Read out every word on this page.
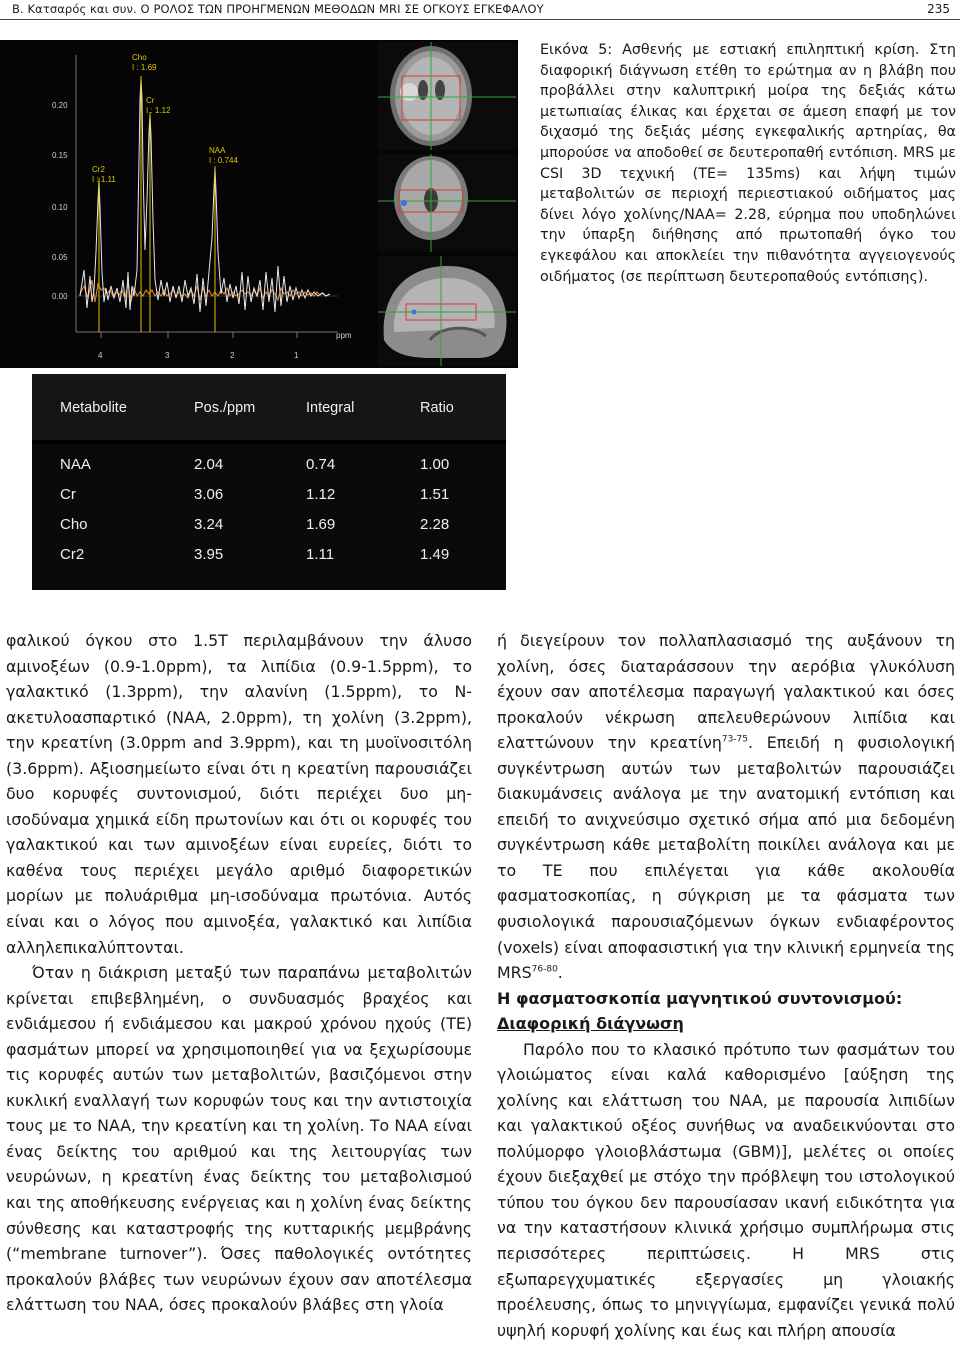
Β. Κατσαρός και συν. Ο ΡΟΛΟΣ ΤΩΝ ΠΡΟΗΓΜΕΝΩΝ ΜΕΘΟΔΩΝ MRI ΣΕ ΟΓΚΟΥΣ ΕΓΚΕΦΑΛΟΥ	235
0.20
0.15
0.10
0.05
0.00
4	3	2	1
ppm
Cho
I : 1.69
Cr
I : 1.12
NAA
I : 0.744
Cr2
I : 1.11
Metabolite	Pos./ppm	Integral	Ratio
NAA	2.04	0.74	1.00
Cr	3.06	1.12	1.51
Cho	3.24	1.69	2.28
Cr2	3.95	1.11	1.49
Εικόνα 5: Ασθενής με εστιακή επιληπτική κρίση. Στη διαφορική διάγνωση ετέθη το ερώτημα αν η βλάβη που προβάλλει στην καλυπτρική μοίρα της δεξιάς κάτω μετωπιαίας έλικας και έρχεται σε άμεση επαφή με τον διχασμό της δεξιάς μέσης εγκεφαλικής αρτηρίας, θα μπορούσε να αποδοθεί σε δευτεροπαθή εντόπιση. MRS με CSI 3D τεχνική (TE= 135ms) και λήψη τιμών μεταβολιτών σε περιοχή περιεστιακού οιδήματος μας δίνει λόγο χολίνης/NAA= 2.28, εύρημα που υποδηλώνει την ύπαρξη διήθησης από πρωτοπαθή όγκο του εγκεφάλου και αποκλείει την πιθανότητα αγγειογενούς οιδήματος (σε περίπτωση δευτεροπαθούς εντόπισης).

φαλικού όγκου στο 1.5T περιλαμβάνουν την άλυσο αμινοξέων (0.9-1.0ppm), τα λιπίδια (0.9-1.5ppm), το γαλακτικό (1.3ppm), την αλανίνη (1.5ppm), το N-ακετυλοασπαρτικό (NAA, 2.0ppm), τη χολίνη (3.2ppm), την κρεατίνη (3.0ppm and 3.9ppm), και τη μυοϊνοσιτόλη (3.6ppm). Αξιοσημείωτο είναι ότι η κρεατίνη παρουσιάζει δυο κορυφές συντονισμού, διότι περιέχει δυο μη-ισοδύναμα χημικά είδη πρωτονίων και ότι οι κορυφές του γαλακτικού και των αμινοξέων είναι ευρείες, διότι το καθένα τους περιέχει μεγάλο αριθμό διαφορετικών μορίων με πολυάριθμα μη-ισοδύναμα πρωτόνια. Αυτός είναι και ο λόγος που αμινοξέα, γαλακτικό και λιπίδια αλληλεπικαλύπτονται.

Όταν η διάκριση μεταξύ των παραπάνω μεταβολιτών κρίνεται επιβεβλημένη, ο συνδυασμός βραχέος και ενδιάμεσου ή ενδιάμεσου και μακρού χρόνου ηχούς (TE) φασμάτων μπορεί να χρησιμοποιηθεί για να ξεχωρίσουμε τις κορυφές αυτών των μεταβολιτών, βασιζόμενοι στην κυκλική εναλλαγή των κορυφών τους και την αντιστοιχία τους με το NAA, την κρεατίνη και τη χολίνη. Το NAA είναι ένας δείκτης του αριθμού και της λειτουργίας των νευρώνων, η κρεατίνη ένας δείκτης του μεταβολισμού και της αποθήκευσης ενέργειας και η χολίνη ένας δείκτης σύνθεσης και καταστροφής της κυτταρικής μεμβράνης (“membrane turnover”). Όσες παθολογικές οντότητες προκαλούν βλάβες των νευρώνων έχουν σαν αποτέλεσμα ελάττωση του NAA, όσες προκαλούν βλάβες στη γλοία

ή διεγείρουν τον πολλαπλασιασμό της αυξάνουν τη χολίνη, όσες διαταράσσουν την αερόβια γλυκόλυση έχουν σαν αποτέλεσμα παραγωγή γαλακτικού και όσες προκαλούν νέκρωση απελευθερώνουν λιπίδια και ελαττώνουν την κρεατίνη$^{73-75}$. Επειδή η φυσιολογική συγκέντρωση αυτών των μεταβολιτών παρουσιάζει διακυμάνσεις ανάλογα με την ανατομική εντόπιση και επειδή το ανιχνεύσιμο σχετικό σήμα από μια δεδομένη συγκέντρωση κάθε μεταβολίτη ποικίλει ανάλογα και με το TE που επιλέγεται για κάθε ακολουθία φασματοσκοπίας, η σύγκριση με τα φάσματα των φυσιολογικά παρουσιαζόμενων όγκων ενδιαφέροντος (voxels) είναι αποφασιστική για την κλινική ερμηνεία της MRS$^{76-80}$.

Η φασματοσκοπία μαγνητικού συντονισμού:
Διαφορική διάγνωση

Παρόλο που το κλασικό πρότυπο των φασμάτων του γλοιώματος είναι καλά καθορισμένο [αύξηση της χολίνης και ελάττωση του NAA, με παρουσία λιπιδίων και γαλακτικού οξέος συνήθως να αναδεικνύονται στο πολύμορφο γλοιοβλάστωμα (GBM)], μελέτες οι οποίες έχουν διεξαχθεί με στόχο την πρόβλεψη του ιστολογικού τύπου του όγκου δεν παρουσίασαν ικανή ειδικότητα για να την καταστήσουν κλινικά χρήσιμο συμπλήρωμα στις περισσότερες περιπτώσεις. Η MRS στις εξωπαρεγχυματικές εξεργασίες μη γλοιακής προέλευσης, όπως το μηνιγγίωμα, εμφανίζει γενικά πολύ υψηλή κορυφή χολίνης και έως και πλήρη απουσία
